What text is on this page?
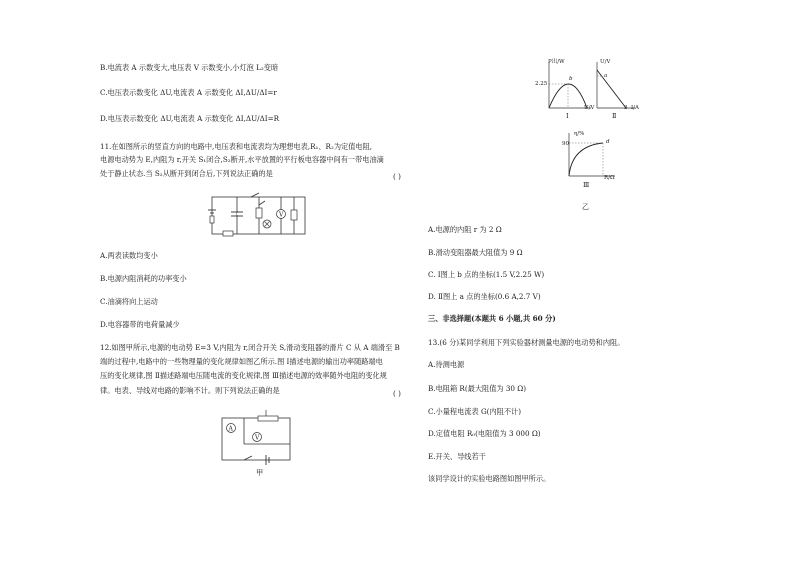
B.电流表 A 示数变大,电压表 V 示数变小,小灯泡 L₂变暗
C.电压表示数变化 ΔU,电流表 A 示数变化 ΔI,ΔU/ΔI=r
D.电压表示数变化 ΔU,电流表 A 示数变化 ΔI,ΔU/ΔI=R
11.在如图所示的竖直方向的电路中,电压表和电流表均为理想电表,R₁、R₂为定值电阻,
电源电动势为 E,内阻为 r,开关 S₁闭合,S₂断开,水平放置的平行板电容器中间有一带电油滴
处于静止状态.当 S₂从断开到闭合后,下列说法正确的是	( )
V
A.两表读数均变小
B.电源内阻消耗的功率变小
C.油滴将向上运动
D.电容器带的电荷量减少
12.如图甲所示,电源的电动势 E=3 V,内阻为 r,闭合开关 S,滑动变阻器的滑片 C 从 A 端滑至 B
端的过程中,电路中的一些物理量的变化规律如图乙所示.图 Ⅰ描述电源的输出功率随路端电
压的变化规律,图 Ⅱ描述路端电压随电流的变化规律,图 Ⅲ描述电源的效率随外电阻的变化规
律。电表、导线对电路的影响不计。则下列说法正确的是	( )
A
V
甲
P出/W
2.25
b
U/V
Ⅰ
U/V
a
3 I/A
Ⅱ
η/%
90	d
R/Ω
Ⅲ
乙
A.电源的内阻 r 为 2 Ω
B.滑动变阻器最大阻值为 9 Ω
C. Ⅰ图上 b 点的坐标(1.5 V,2.25 W)
D. Ⅱ图上 a 点的坐标(0.6 A,2.7 V)
三、非选择题(本题共 6 小题,共 60 分)
13.(6 分)某同学利用下列实验器材测量电源的电动势和内阻。
A.待测电源
B.电阻箱 R(最大阻值为 30 Ω)
C.小量程电流表 G(内阻不计)
D.定值电阻 R₀(电阻值为 3 000 Ω)
E.开关、导线若干
该同学设计的实验电路图如图甲所示。
